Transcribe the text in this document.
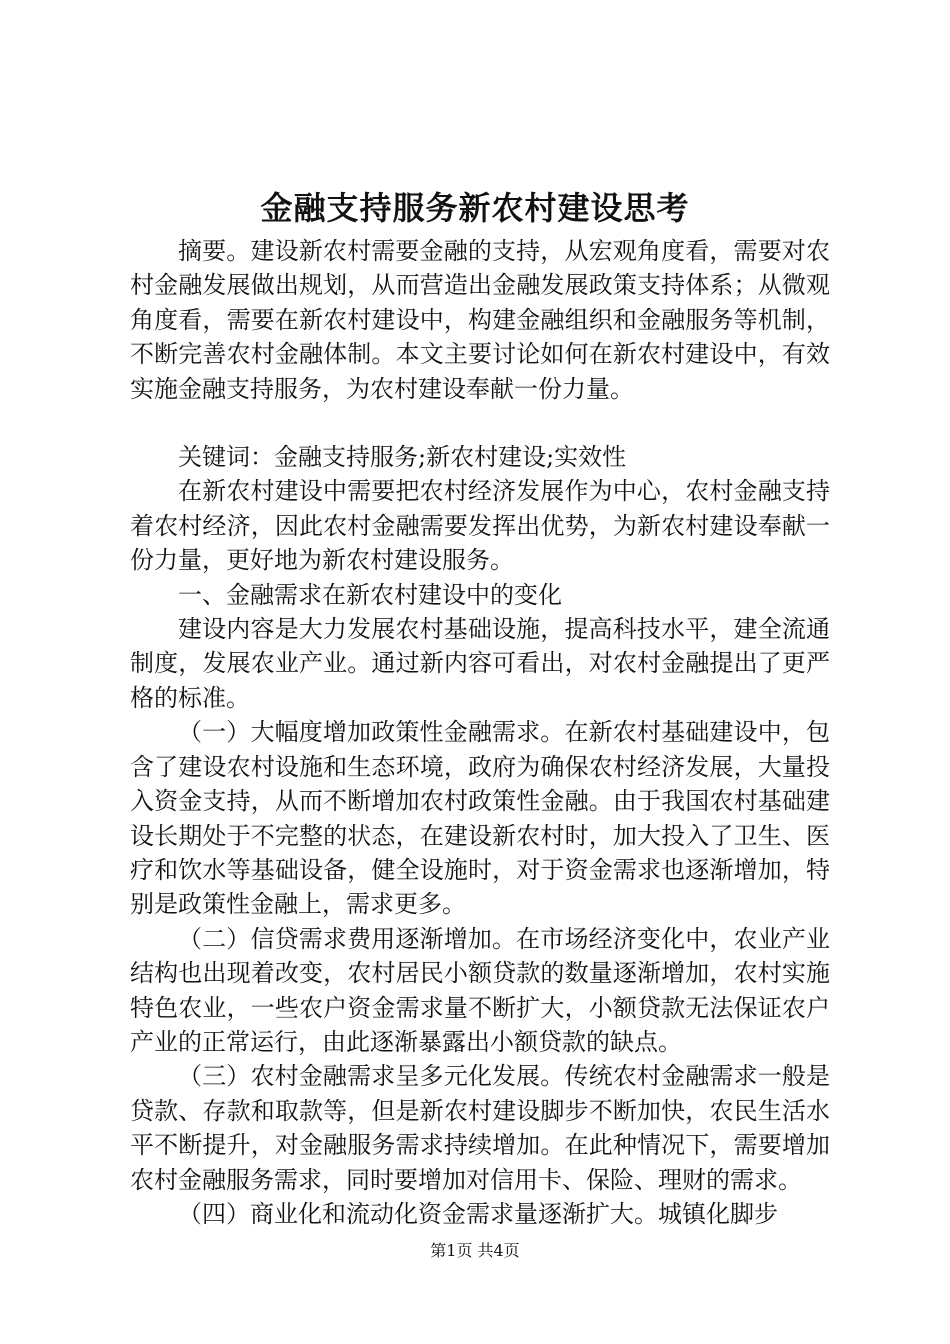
金融支持服务新农村建设思考

摘要。建设新农村需要金融的支持，从宏观角度看，需要对农村金融发展做出规划，从而营造出金融发展政策支持体系；从微观角度看，需要在新农村建设中，构建金融组织和金融服务等机制，不断完善农村金融体制。本文主要讨论如何在新农村建设中，有效实施金融支持服务，为农村建设奉献一份力量。

关键词：金融支持服务;新农村建设;实效性

在新农村建设中需要把农村经济发展作为中心，农村金融支持着农村经济，因此农村金融需要发挥出优势，为新农村建设奉献一份力量，更好地为新农村建设服务。

一、金融需求在新农村建设中的变化

建设内容是大力发展农村基础设施，提高科技水平，建全流通制度，发展农业产业。通过新内容可看出，对农村金融提出了更严格的标准。

（一）大幅度增加政策性金融需求。在新农村基础建设中，包含了建设农村设施和生态环境，政府为确保农村经济发展，大量投入资金支持，从而不断增加农村政策性金融。由于我国农村基础建设长期处于不完整的状态，在建设新农村时，加大投入了卫生、医疗和饮水等基础设备，健全设施时，对于资金需求也逐渐增加，特别是政策性金融上，需求更多。

（二）信贷需求费用逐渐增加。在市场经济变化中，农业产业结构也出现着改变，农村居民小额贷款的数量逐渐增加，农村实施特色农业，一些农户资金需求量不断扩大，小额贷款无法保证农户产业的正常运行，由此逐渐暴露出小额贷款的缺点。

（三）农村金融需求呈多元化发展。传统农村金融需求一般是贷款、存款和取款等，但是新农村建设脚步不断加快，农民生活水平不断提升，对金融服务需求持续增加。在此种情况下，需要增加农村金融服务需求，同时要增加对信用卡、保险、理财的需求。

（四）商业化和流动化资金需求量逐渐扩大。城镇化脚步

第1页 共4页
